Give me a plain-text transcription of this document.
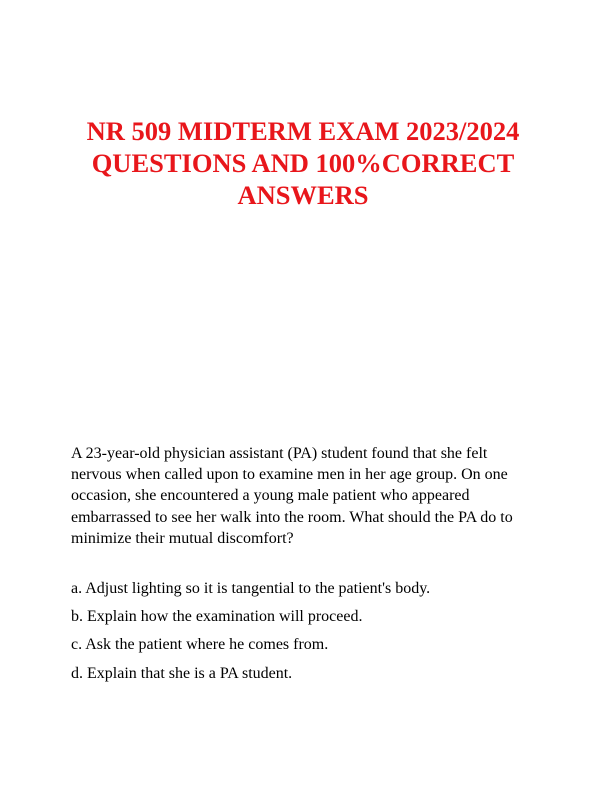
NR 509 MIDTERM EXAM 2023/2024
QUESTIONS AND 100%CORRECT
ANSWERS

A 23-year-old physician assistant (PA) student found that she felt nervous when called upon to examine men in her age group. On one occasion, she encountered a young male patient who appeared embarrassed to see her walk into the room. What should the PA do to minimize their mutual discomfort?

a. Adjust lighting so it is tangential to the patient's body.
b. Explain how the examination will proceed.
c. Ask the patient where he comes from.
d. Explain that she is a PA student.
